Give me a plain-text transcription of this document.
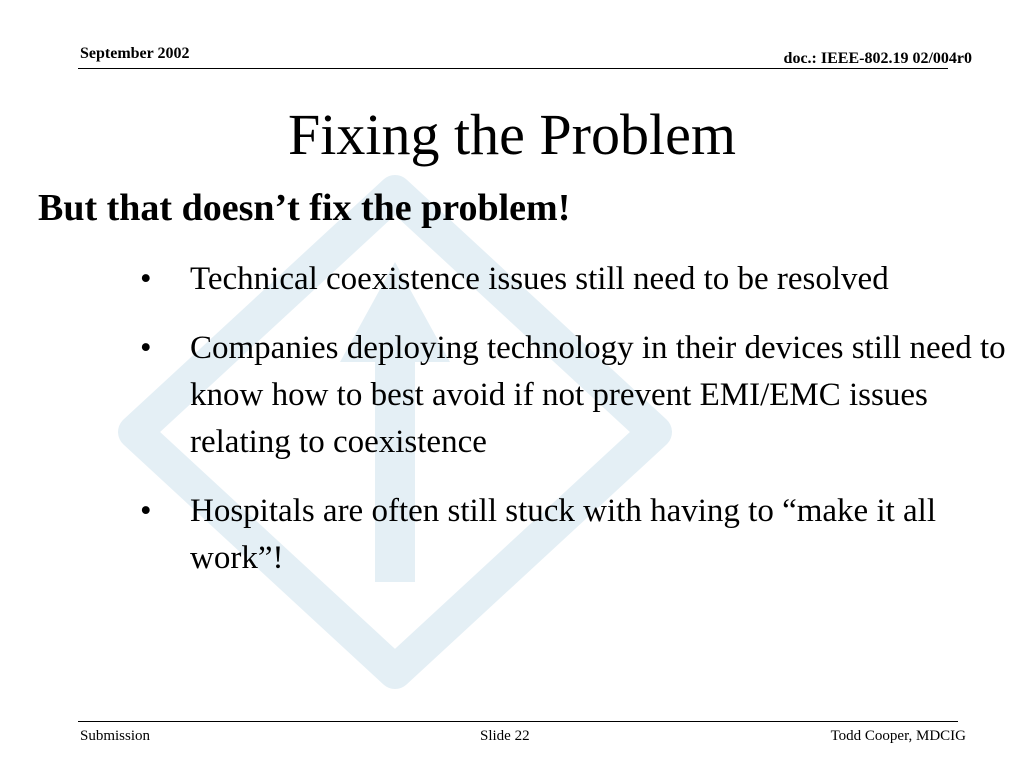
September 2002	doc.: IEEE-802.19 02/004r0
Fixing the Problem
But that doesn’t fix the problem!
• Technical coexistence issues still need to be resolved
• Companies deploying technology in their devices still need to know how to best avoid if not prevent EMI/EMC issues relating to coexistence
• Hospitals are often still stuck with having to “make it all work”!
Submission	Slide 22	Todd Cooper, MDCIG
